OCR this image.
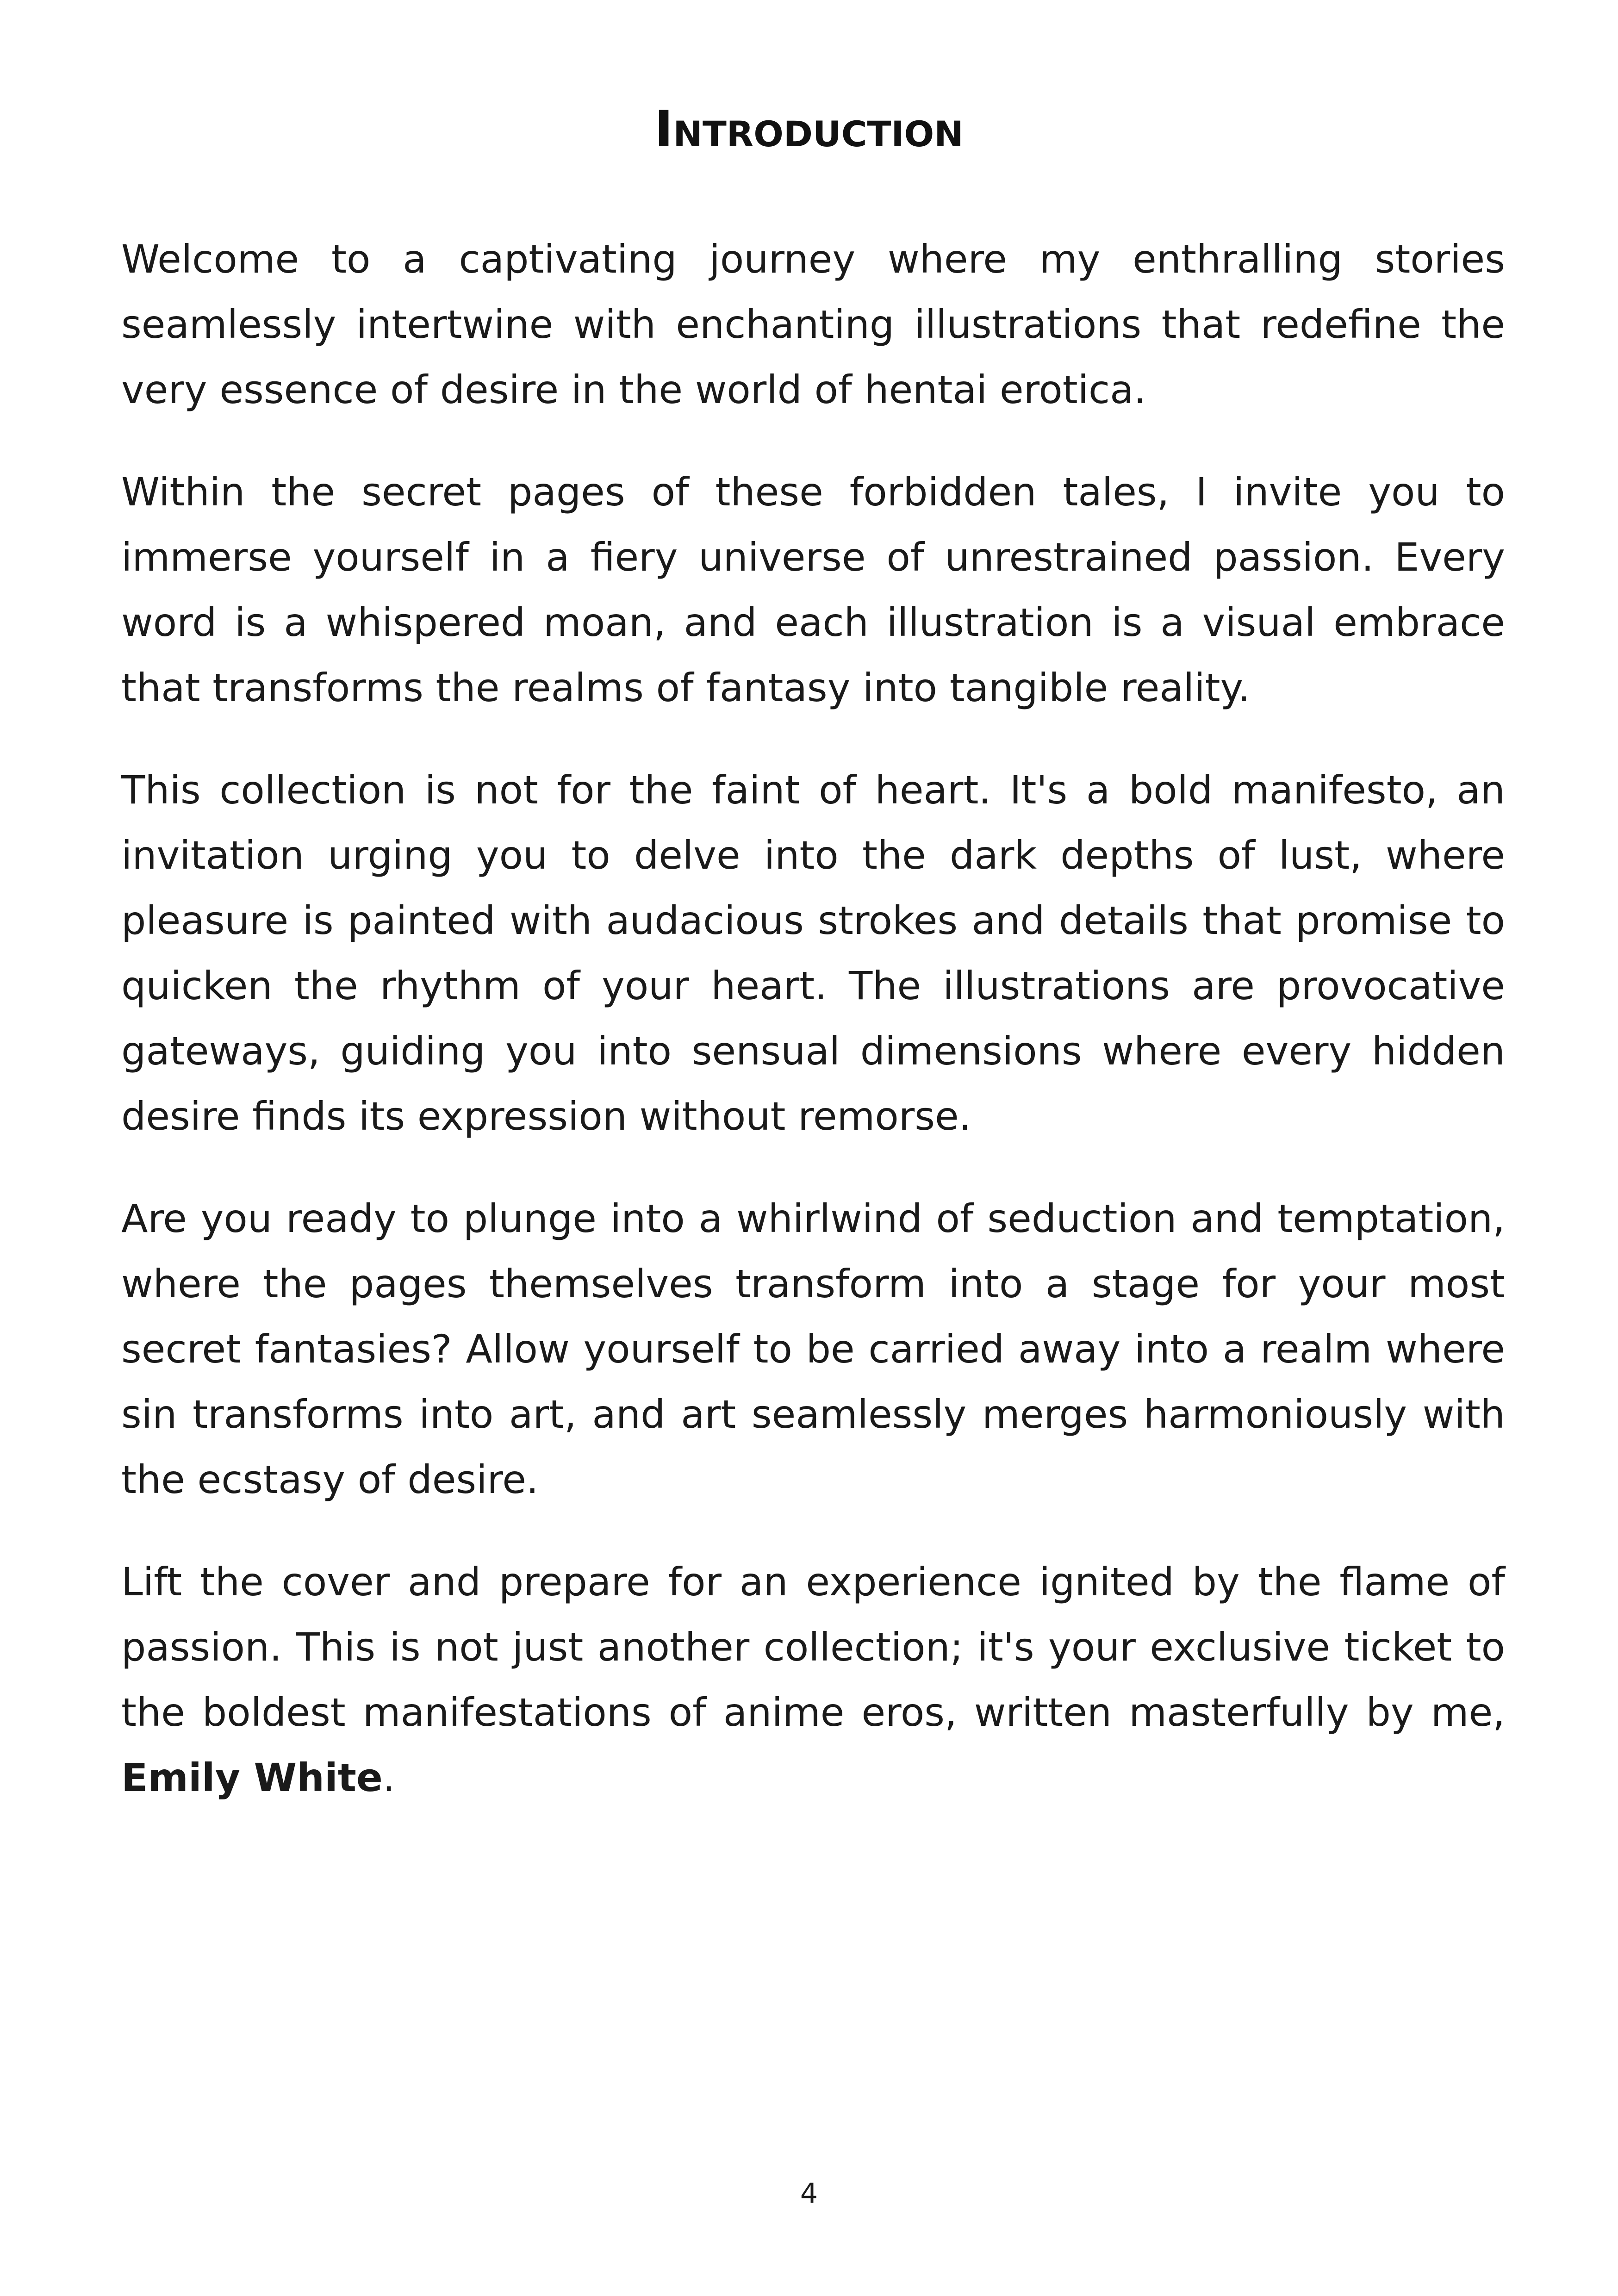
Introduction

Welcome to a captivating journey where my enthralling stories seamlessly intertwine with enchanting illustrations that redefine the very essence of desire in the world of hentai erotica.

Within the secret pages of these forbidden tales, I invite you to immerse yourself in a fiery universe of unrestrained passion. Every word is a whispered moan, and each illustration is a visual embrace that transforms the realms of fantasy into tangible reality.

This collection is not for the faint of heart. It's a bold manifesto, an invitation urging you to delve into the dark depths of lust, where pleasure is painted with audacious strokes and details that promise to quicken the rhythm of your heart. The illustrations are provocative gateways, guiding you into sensual dimensions where every hidden desire finds its expression without remorse.

Are you ready to plunge into a whirlwind of seduction and temptation, where the pages themselves transform into a stage for your most secret fantasies? Allow yourself to be carried away into a realm where sin transforms into art, and art seamlessly merges harmoniously with the ecstasy of desire.

Lift the cover and prepare for an experience ignited by the flame of passion. This is not just another collection; it's your exclusive ticket to the boldest manifestations of anime eros, written masterfully by me, Emily White.

4
